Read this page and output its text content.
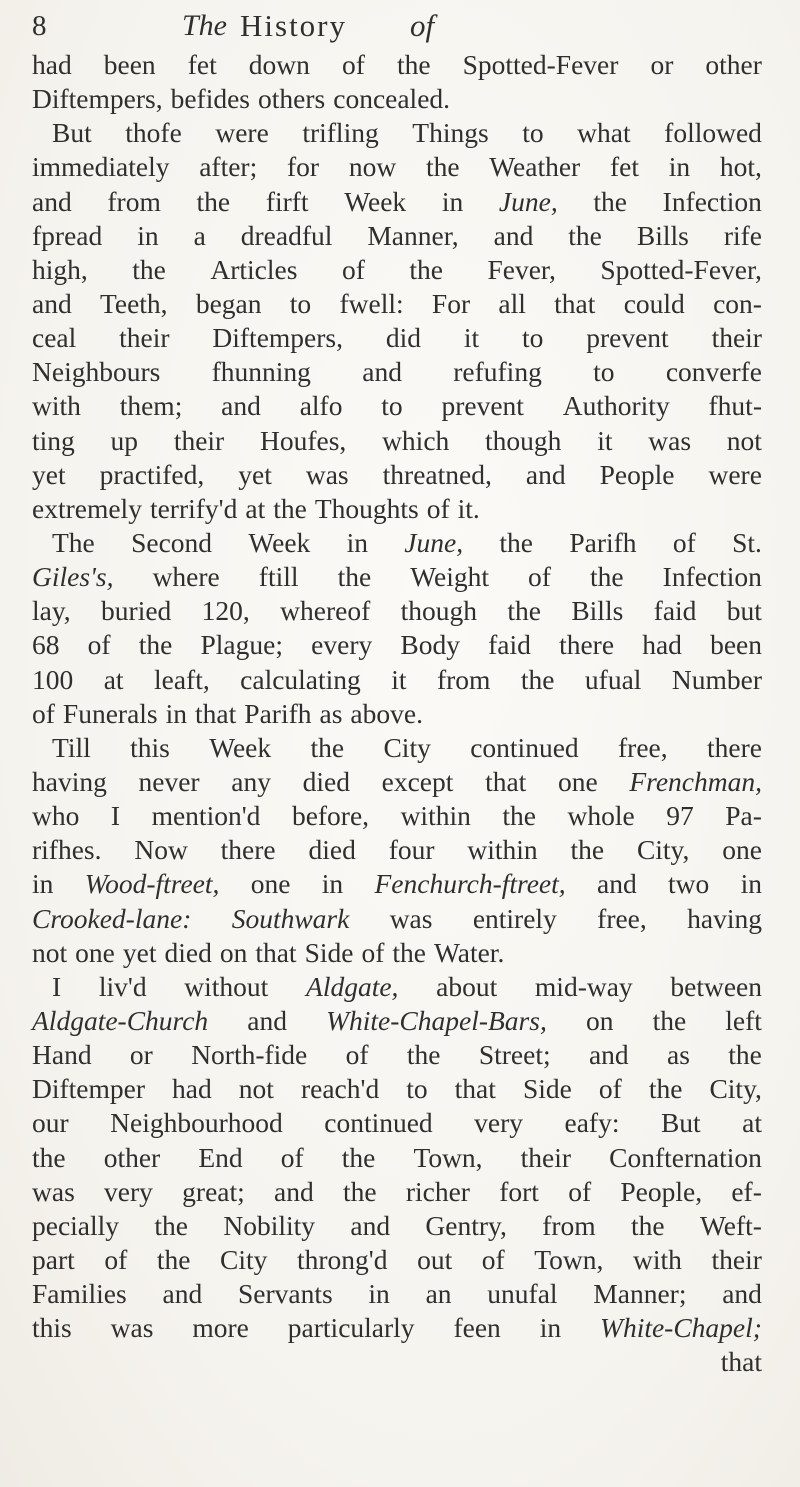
8	The History of
had been fet down of the Spotted-Fever or other
Diftempers, befides others concealed.
But thofe were trifling Things to what followed
immediately after; for now the Weather fet in hot,
and from the firft Week in June, the Infection
fpread in a dreadful Manner, and the Bills rife
high, the Articles of the Fever, Spotted-Fever,
and Teeth, began to fwell: For all that could con-
ceal their Diftempers, did it to prevent their
Neighbours fhunning and refufing to converfe
with them; and alfo to prevent Authority fhut-
ting up their Houfes, which though it was not
yet practifed, yet was threatned, and People were
extremely terrify'd at the Thoughts of it.
The Second Week in June, the Parifh of St.
Giles's, where ftill the Weight of the Infection
lay, buried 120, whereof though the Bills faid but
68 of the Plague; every Body faid there had been
100 at leaft, calculating it from the ufual Number
of Funerals in that Parifh as above.
Till this Week the City continued free, there
having never any died except that one Frenchman,
who I mention'd before, within the whole 97 Pa-
rifhes. Now there died four within the City, one
in Wood-ftreet, one in Fenchurch-ftreet, and two in
Crooked-lane: Southwark was entirely free, having
not one yet died on that Side of the Water.
I liv'd without Aldgate, about mid-way between
Aldgate-Church and White-Chapel-Bars, on the left
Hand or North-fide of the Street; and as the
Diftemper had not reach'd to that Side of the City,
our Neighbourhood continued very eafy: But at
the other End of the Town, their Confternation
was very great; and the richer fort of People, ef-
pecially the Nobility and Gentry, from the Weft-
part of the City throng'd out of Town, with their
Families and Servants in an unufal Manner; and
this was more particularly feen in White-Chapel;
that
